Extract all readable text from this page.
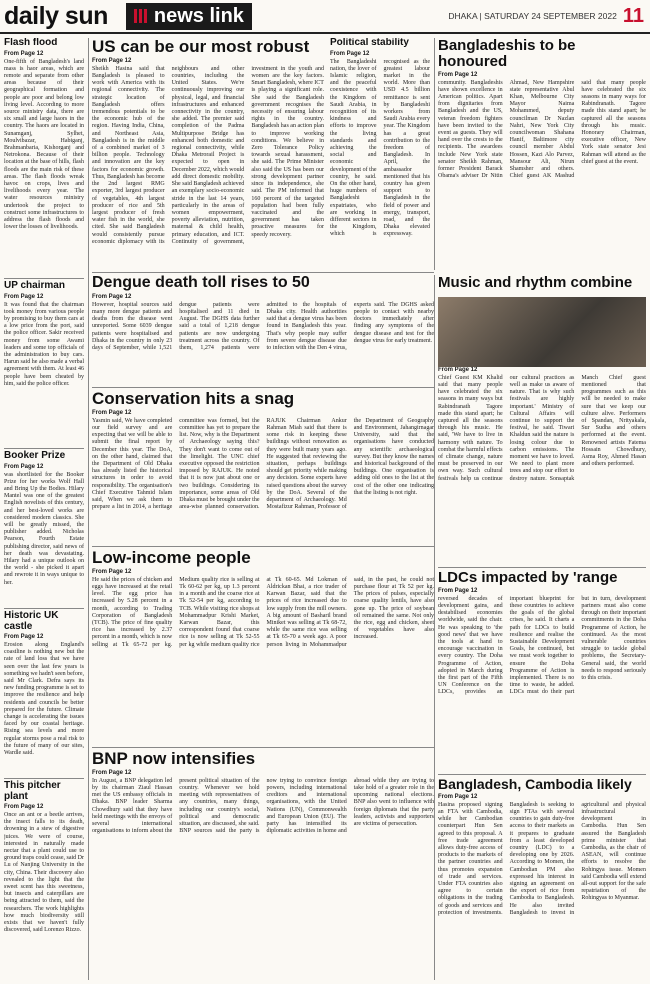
daily sun news link	DHAKA | SATURDAY 24 SEPTEMBER 2022 11
Flash flood
From Page 12
One-fifth of Bangladesh's land mass is haor areas, which are remote and separate from other areas because of their geographical formation and people are poor and belong low living level. According to more source ministry data, there are six small and large haors in the country. The haors are located in Sunamganj, Sylhet, Moulvibazar, Habiganj, Brahmanbaria, Kishorganj and Netrokona. Because of their location at the base of hills, flash floods are the main risk of these areas. The flash floods wreak havoc on crops, lives and livelihoods every year. The water resources ministry undertook the project to construct some infrastructures to address the flash floods and lower the losses of livelihoods.
UP chairman
From Page 12
It was found that the chairman took money from various people by promising to buy them cars at a low price from the port, said the police officer. Sakir received money from some Awami leaders and some top officials of the administration to buy cars. Harun said he also made a verbal agreement with them. At least 46 people have been cheated by him, said the police officer.
Booker Prize
From Page 12
was shortlisted for the Booker Prize for her works Wolf Hall and Bring Up the Bodies. Hilary Mantel was one of the greatest English novelists of this century, and her best-loved works are considered modern classics. She will be greatly missed, the publisher added. Nicholas Pearson, Fourth Estate publishing director, said news of her death was devastating. Hilary had a unique outlook on the world - she picked it apart and rewrote it in ways unique to her.
Historic UK castle
From Page 12
Erosion along England's coastline is nothing new but the rate of land loss that we have seen over the last few years is something we hadn't seen before, said Mr Clark. Defra says its new funding programme is set to improve the resilience and help residents and councils be better prepared for the future. Climate change is accelerating the issues faced by our coastal heritage. Rising sea levels and more regular storms pose a real risk to the future of many of our sites, Wardle said.
This pitcher plant
From Page 12
Once an ant or a beetle arrives, the insect falls to its death, drowning in a stew of digestive juices. We were of course, interested in naturally made nectar that a plant could use to ground traps could cease, said Dr Lu of Nanjing University in the city, China. Their discovery also revealed to the light that the sweet scent has this sweetness, but insects and caterpillars are being attracted to them, said the researchers. The work highlights how much biodiversity still exists that we haven't fully discovered, said Lorenzo Rizzo.
US can be our most robust
From Page 12
Sheikh Hasina said that Bangladesh is pleased to work with America with its regional connectivity. The strategic location of Bangladesh offers tremendous potentials to be the economic hub of the region. Having India, China, and Northeast Asia, Bangladesh is in the middle of a combined market of 3 billion people. Technology and innovation are the key factors for economic growth. Thus, Bangladesh has become the 2nd largest RMG exporter, 3rd largest producer of vegetables, 4th largest producer of rice and 5th largest producer of fresh water fish in the world, she cited. She said Bangladesh would consistently pursue economic diplomacy with its neighbours and other countries, including the United States. We're continuously improving our physical, legal, and financial infrastructures and enhanced connectivity in the country, she added. The premier said completion of the Padma Multipurpose Bridge has enhanced both domestic and regional connectivity, while Dhaka Metrorail Project is expected to open in December 2022, which would add direct domestic mobility. She said Bangladesh achieved an exemplary socio-economic stride in the last 14 years, particularly in the areas of women empowerment, poverty alleviation, nutrition, maternal & child health, primary education, and ICT. Continuity of government, investment in the youth and women are the key factors. Smart Bangladesh, where ICT is playing a significant role. She said the Bangladesh government recognises the necessity of ensuring labour rights in the country. Bangladesh has an action plan to improve working conditions. We believe in Zero Tolerance Policy towards sexual harassment, she said. The Prime Minister also said the US has been our strong development partner since its independence, she said. The PM informed that 160 percent of the targeted population had been fully vaccinated and the government has taken proactive measures for speedy recovery.
Political stability
From Page 12
The Bangladeshi nation, the lover of Islamic religion, and the peaceful coexistence with the Kingdom of Saudi Arabia, in recognition of its kindness and efforts to improve the living standards and achieving the social and economic development of the country, he said. On the other hand, huge numbers of Bangladeshi expatriates, who are working in different sectors in the Kingdom, which is recognised as the greatest labour market in the world. More than USD 4.5 billion remittance is sent by Bangladeshi workers from Saudi Arabia every year. The Kingdom has a great contribution to the freedom of Bangladesh. In April, the ambassador mentioned that his country has given support to Bangladesh in the field of power and energy, transport, road, and the Dhaka elevated expressway.
Bangladeshis to be honoured
From Page 12
community. Bangladeshis have shown excellence in American politics. Apart from dignitaries from Bangladesh and the US, veteran freedom fighters have been invited to the event as guests. They will hand over the crests to the recipients. The awardees include New York state senator Sheikh Rahman, former President Barack Obama's adviser Dr Nitin Ahmad, New Hampshire state representative Abul Khan, Melbourne City Mayor Naima Mohammed, deputy councilman Dr Nazlan Nahri, New York City councilwoman Shahana Hanif, Baltimore city council member Abdul Hossen, Kazi Alo Parvez, Mansour Ali, Nirun Shamsher and others. Chief guest AK Mashud said that many people have celebrated the six seasons in many ways for Rabindranath. Tagore made this stand apart; he captured all the seasons through his music. Honorary Chairman, executive officer, New York state senator Jesi Rahman will attend as the chief guest at the event.
Dengue death toll rises to 50
From Page 12
However, hospital sources said many more dengue patients and deaths from the disease went unreported. Some 6039 dengue patients were hospitalised and Dhaka in the country in only 23 days of September, while 1,521 dengue patients were hospitalised and 11 died in August. The DGHS data further said a total of 1,218 dengue patients are now undergoing treatment across the country. Of them, 1,274 patients were admitted to the hospitals of Dhaka city. Health authorities said that a dengue virus has been found in Bangladesh this year. That's why people may suffer from severe dengue disease due to infection with the Den 4 virus, experts said. The DGHS asked people to contact with nearby doctors immediately after finding any symptoms of the dengue disease and test for the dengue virus for early treatment.
Music and rhythm combine
From Page 12
Chief Guest KM Khalid said that many people have celebrated the six seasons in many ways but Rabindranath Tagore made this stand apart; he captured all the seasons through his music. He said, 'We have to live in harmony with nature. To combat the harmful effects of climate change, nature must be preserved in our own way. Such cultural festivals help us continue our cultural practices as well as make us aware of nature. That is why such festivals are highly important.' Ministry of Cultural Affairs will continue to support the festival, he said. Tiwari Khaldun said the nature is losing colour due to carbon emissions. The moment we have to loved. We need to plant more trees and stop our effort to destroy nature. Sonsaptak Manch Chief guest mentioned that programmes such as this will be needed to make sure that we keep our culture alive. Performers of Spandan, Nrityakala, Sur Sudha and others performed at the event. Renowned artists Fatema Hossain Chowdhury, Asma Roy, Ahmed Hasan and others performed.
Conservation hits a snag
From Page 12
Yasmin said, We have completed our field survey and are expecting that we will be able to submit the final report by December this year. The DoA, on the other hand, claimed that the Department of Old Dhaka has already listed the historical structures in order to avoid responsibility. The organisation's Chief Executive Tahmid Islam said, When we ask them to prepare a list in 2014, a heritage committee was formed, but the committee has yet to prepare the list. Now, why is the Department of Archaeology saying this? They don't want to come out of the limelight. The UNC chief executive opposed the restriction imposed by RAJUK. He noted that it is now just about one or two buildings. Considering its importance, some areas of Old Dhaka must be brought under the area-wise planned conservation. RAJUK Chairman Ankur Rahman Miah said that there is some risk in keeping these buildings without renovation as they were built many years ago. He suggested that reviewing the situation, perhaps buildings should get priority while making any decision. Some experts have raised questions about the survey by the DoA. Several of the department of Archaeology. Md Mostafizur Rahman, Professor of the Department of Geography and Environment, Jahangirnagar University, said that the organisations have conducted any scientific archaeological survey. But they know the names and historical background of the buildings. One organisation is adding old ones to the list at the cost of the other one indicating that the listing is not right.
Low-income people
From Page 12
He said the prices of chicken and eggs have increased at the retail level. The egg price has increased by 5.28 percent in a month, according to Trading Corporation of Bangladesh (TCB). The price of fine quality rice has increased by 2.37 percent in a month, which is now selling at Tk 65-72 per kg. Medium quality rice is selling at Tk 60-62 per kg, up 1.3 percent in a month and the coarse rice at Tk 52-54 per kg, according to TCB. While visiting rice shops at Mohammadpur Krishi Market, Karwan Bazar, this correspondent found that coarse rice is now selling at Tk 52-55 per kg while medium quality rice at Tk 60-65. Md Lokman of Aldrickan Bhai, a rice trader of Karwan Bazar, said that the prices of rice increased due to low supply from the mill owners. A big amount of Basharil brand Miniket was selling at Tk 68-72, while the same rice was selling at Tk 65-70 a week ago. A poor person living in Mohammadpur said, in the past, he could not purchase flour at Tk 52 per kg. The prices of pulses, especially coarse quality lentils, have also gone up. The price of soybean oil remained the same. Not only the rice, egg and chicken, sheet of vegetables have also increased.
LDCs impacted by 'range
From Page 12
reversed decades of development gains, and destabilised economies worldwide, said the chair. He was speaking to 'the good news' that we have the tools at hand to encourage vaccination in every country. The Doha Programme of Action, adopted in March during the first part of the Fifth UN Conference on the LDCs, provides an important blueprint for these countries to achieve the goals of the global crises, he said. It charts a path for LDCs to build resilience and realise the Sustainable Development Goals, he continued, but we must work together to ensure the Doha Programme of Action is implemented. There is no time to waste, he added. LDCs must do their part but in turn, development partners must also come through on their important commitments in the Doha Programme of Action, he continued. As the most vulnerable countries struggle to tackle global problems, the Secretary-General said, the world needs to respond seriously to this crisis.
BNP now intensifies
From Page 12
In August, a BNP delegation led by its chairman Ziaul Hassan met the US embassy officials in Dhaka. BNP leader Sharma Chowdhury said that they have held meetings with the envoys of several international organisations to inform about the present political situation of the country. Whenever we hold meeting with representatives of any countries, many things, including our country's social, political and democratic situation, are discussed, she said. BNP sources said the party is now trying to convince foreign powers, including international creditors and international organisations, with the United Nations (UN), Commonwealth and European Union (EU). The party has intensified its diplomatic activities in home and abroad while they are trying to take hold of a greater role in the upcoming national elections. BNP also went to influence with foreign diplomats that the party leaders, activists and supporters are victims of persecution.
Bangladesh, Cambodia likely
From Page 12
Hasina proposed signing an FTA with Cambodia, while her Cambodian counterpart Hun Sen agreed to this proposal. A free trade agreement allows duty-free access of products to the markets of the partner countries and thus promotes expansion of trade and services. Under FTA countries also agree to certain obligations in the trading of goods and services and protection of investments. Bangladesh is seeking to sign FTAs with several countries to gain duty-free access to their markets as it prepares to graduate from a least developed country (LDC) to a developing one by 2026. According to Momen, the Cambodian PM also expressed his interest in signing an agreement on the export of rice from Cambodia to Bangladesh. He also invited Bangladesh to invest in agricultural and physical infrastructural development in Cambodia. Hun Sen assured the Bangladesh prime minister that Cambodia, as the chair of ASEAN, will continue efforts to resolve the Rohingya issue. Momen said Cambodia will extend all-out support for the safe repatriation of the Rohingyas to Myanmar.
